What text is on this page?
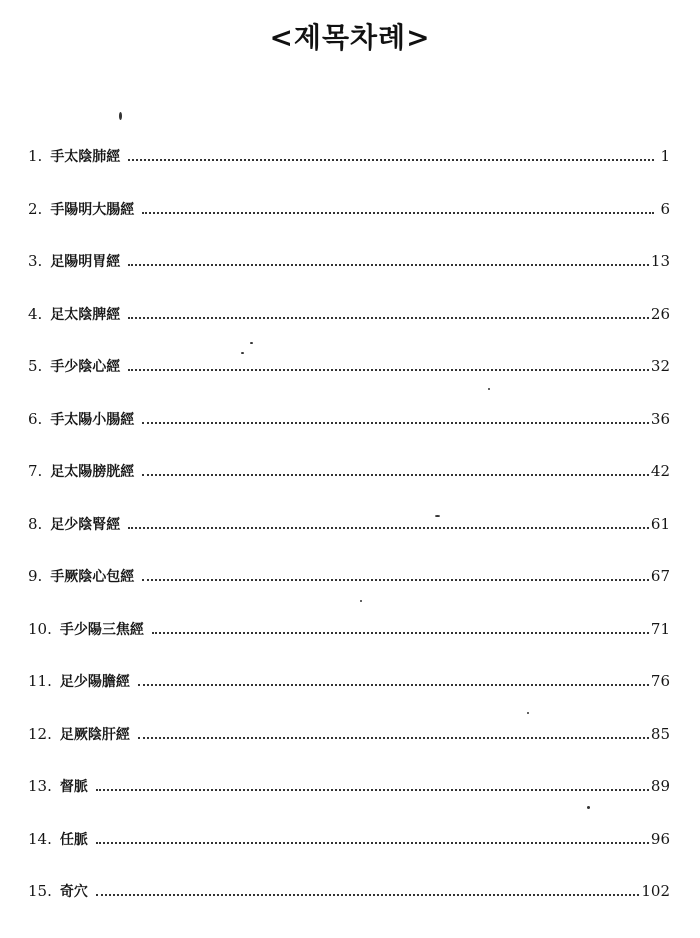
<제목차례>
1. 手太陰肺經	1
2. 手陽明大腸經	6
3. 足陽明胃經	13
4. 足太陰脾經	26
5. 手少陰心經	32
6. 手太陽小腸經	36
7. 足太陽膀胱經	42
8. 足少陰腎經	61
9. 手厥陰心包經	67
10. 手少陽三焦經	71
11. 足少陽膽經	76
12. 足厥陰肝經	85
13. 督脈	89
14. 任脈	96
15. 奇穴	102
